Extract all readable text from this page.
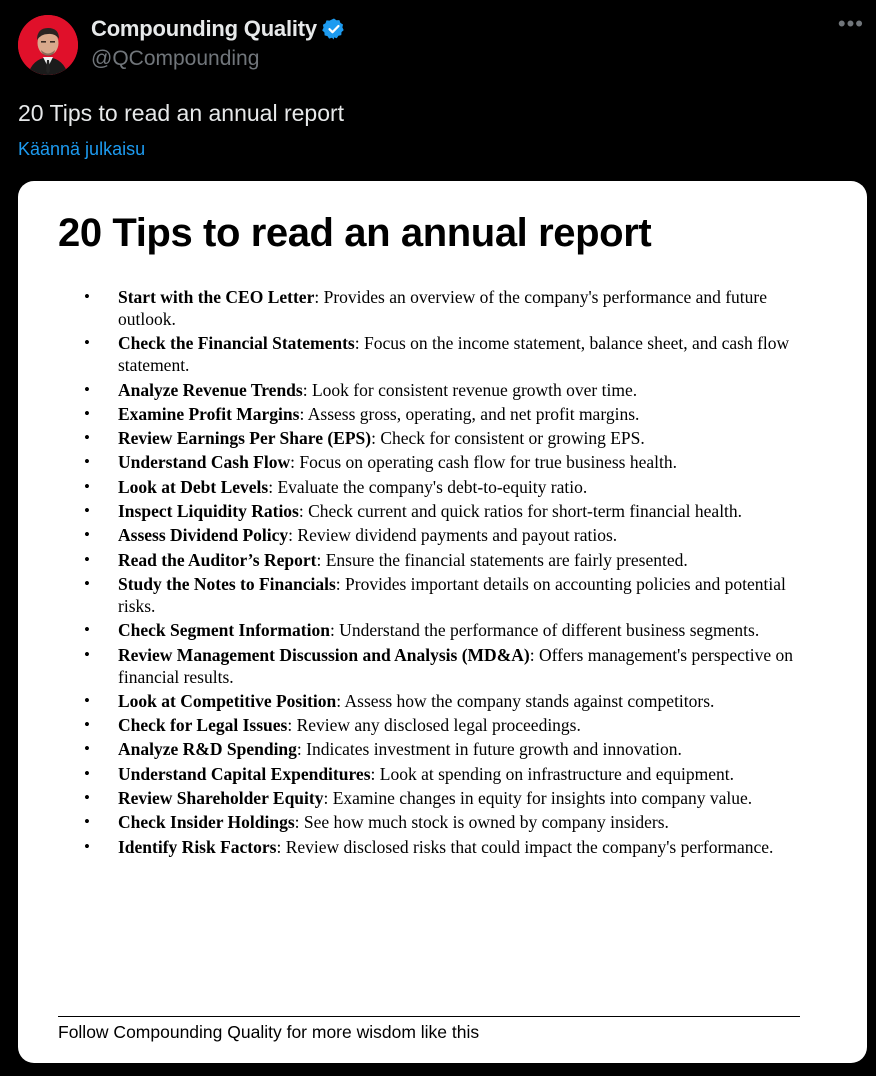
Compounding Quality
@QCompounding
•••
20 Tips to read an annual report
Käännä julkaisu
20 Tips to read an annual report
• Start with the CEO Letter: Provides an overview of the company's performance and future outlook.
• Check the Financial Statements: Focus on the income statement, balance sheet, and cash flow statement.
• Analyze Revenue Trends: Look for consistent revenue growth over time.
• Examine Profit Margins: Assess gross, operating, and net profit margins.
• Review Earnings Per Share (EPS): Check for consistent or growing EPS.
• Understand Cash Flow: Focus on operating cash flow for true business health.
• Look at Debt Levels: Evaluate the company's debt-to-equity ratio.
• Inspect Liquidity Ratios: Check current and quick ratios for short-term financial health.
• Assess Dividend Policy: Review dividend payments and payout ratios.
• Read the Auditor’s Report: Ensure the financial statements are fairly presented.
• Study the Notes to Financials: Provides important details on accounting policies and potential risks.
• Check Segment Information: Understand the performance of different business segments.
• Review Management Discussion and Analysis (MD&A): Offers management's perspective on financial results.
• Look at Competitive Position: Assess how the company stands against competitors.
• Check for Legal Issues: Review any disclosed legal proceedings.
• Analyze R&D Spending: Indicates investment in future growth and innovation.
• Understand Capital Expenditures: Look at spending on infrastructure and equipment.
• Review Shareholder Equity: Examine changes in equity for insights into company value.
• Check Insider Holdings: See how much stock is owned by company insiders.
• Identify Risk Factors: Review disclosed risks that could impact the company's performance.
Follow Compounding Quality for more wisdom like this
